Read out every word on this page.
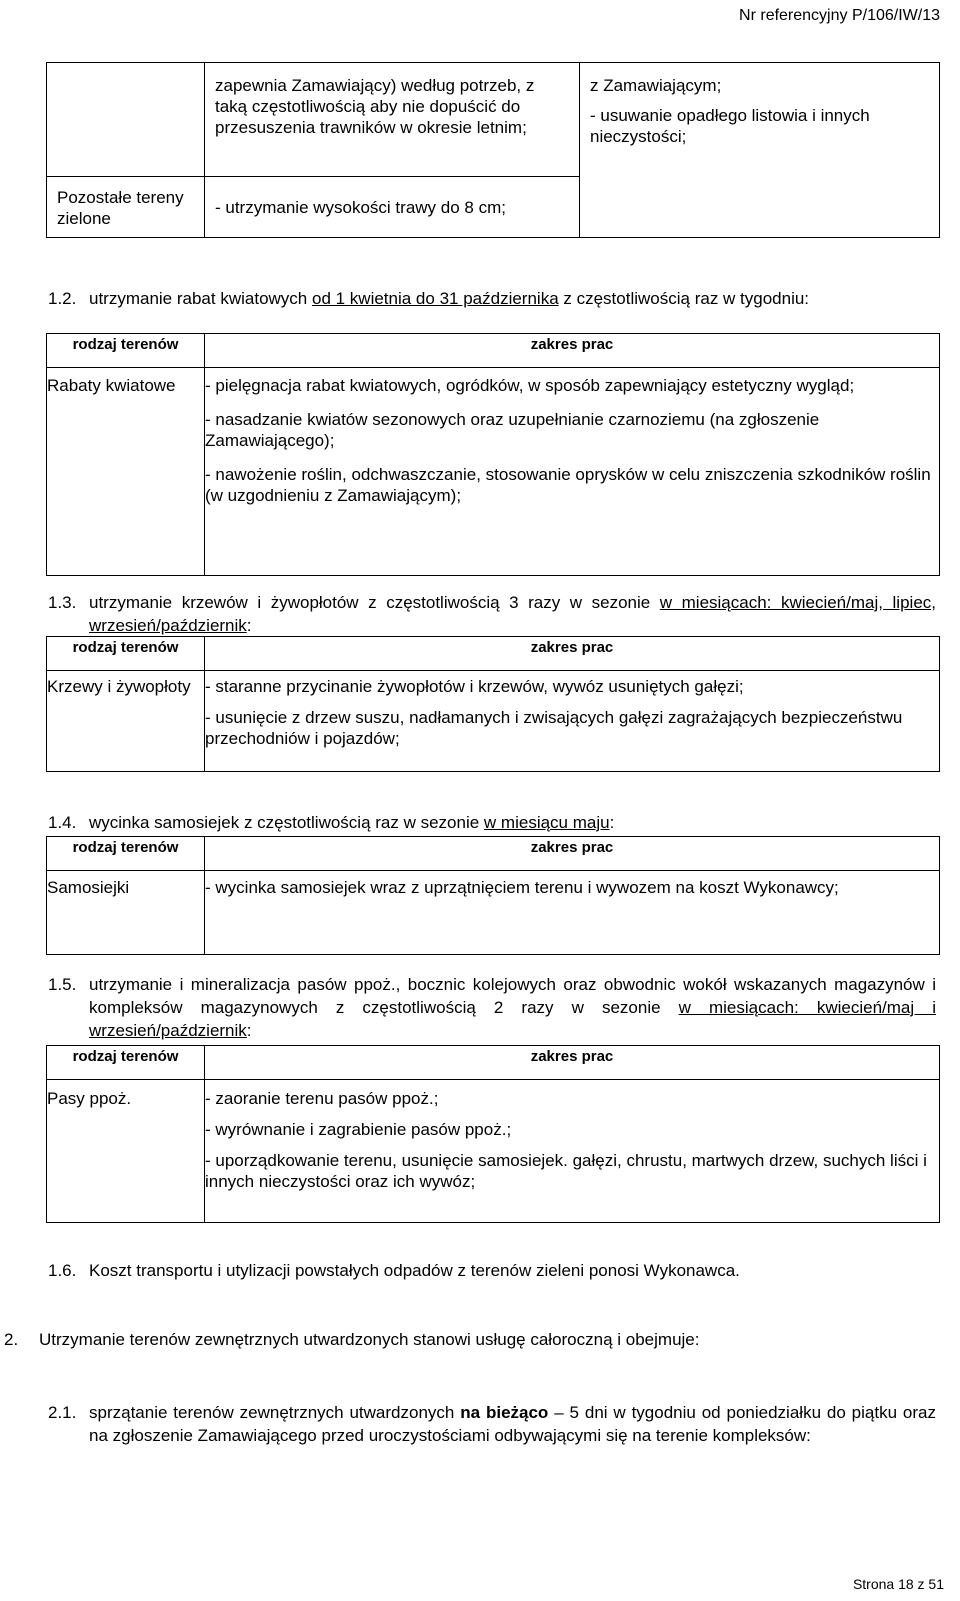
Nr referencyjny P/106/IW/13

	zapewnia Zamawiający) według potrzeb, z taką częstotliwością aby nie dopuścić do przesuszenia trawników w okresie letnim;	z Zamawiającym;
- usuwanie opadłego listowia i innych nieczystości;

Pozostałe tereny zielone	- utrzymanie wysokości trawy do 8 cm;	

1.2. utrzymanie rabat kwiatowych od 1 kwietnia do 31 października z częstotliwością raz w tygodniu:
rodzaj terenów	zakres prac

Rabaty kwiatowe	- pielęgnacja rabat kwiatowych, ogródków, w sposób zapewniający estetyczny wygląd;
- nasadzanie kwiatów sezonowych oraz uzupełnianie czarnoziemu (na zgłoszenie Zamawiającego);
- nawożenie roślin, odchwaszczanie, stosowanie oprysków w celu zniszczenia szkodników roślin (w uzgodnieniu z Zamawiającym);
1.3. utrzymanie krzewów i żywopłotów z częstotliwością 3 razy w sezonie w miesiącach: kwiecień/maj, lipiec, wrzesień/październik:
rodzaj terenów	zakres prac

Krzewy i żywopłoty	- staranne przycinanie żywopłotów i krzewów, wywóz usuniętych gałęzi;
- usunięcie z drzew suszu, nadłamanych i zwisających gałęzi zagrażających bezpieczeństwu przechodniów i pojazdów;
1.4. wycinka samosiejek z częstotliwością raz w sezonie w miesiącu maju:
rodzaj terenów	zakres prac

Samosiejki	- wycinka samosiejek wraz z uprzątnięciem terenu i wywozem na koszt Wykonawcy;
1.5. utrzymanie i mineralizacja pasów ppoż., bocznic kolejowych oraz obwodnic wokół wskazanych magazynów i kompleksów magazynowych z częstotliwością 2 razy w sezonie w miesiącach: kwiecień/maj i wrzesień/październik:
rodzaj terenów	zakres prac

Pasy ppoż.	- zaoranie terenu pasów ppoż.;
- wyrównanie i zagrabienie pasów ppoż.;
- uporządkowanie terenu, usunięcie samosiejek. gałęzi, chrustu, martwych drzew, suchych liści i innych nieczystości oraz ich wywóz;
1.6. Koszt transportu i utylizacji powstałych odpadów z terenów zieleni ponosi Wykonawca.
2. Utrzymanie terenów zewnętrznych utwardzonych stanowi usługę całoroczną i obejmuje:
2.1. sprzątanie terenów zewnętrznych utwardzonych na bieżąco – 5 dni w tygodniu od poniedziałku do piątku oraz na zgłoszenie Zamawiającego przed uroczystościami odbywającymi się na terenie kompleksów:
Strona 18 z 51
